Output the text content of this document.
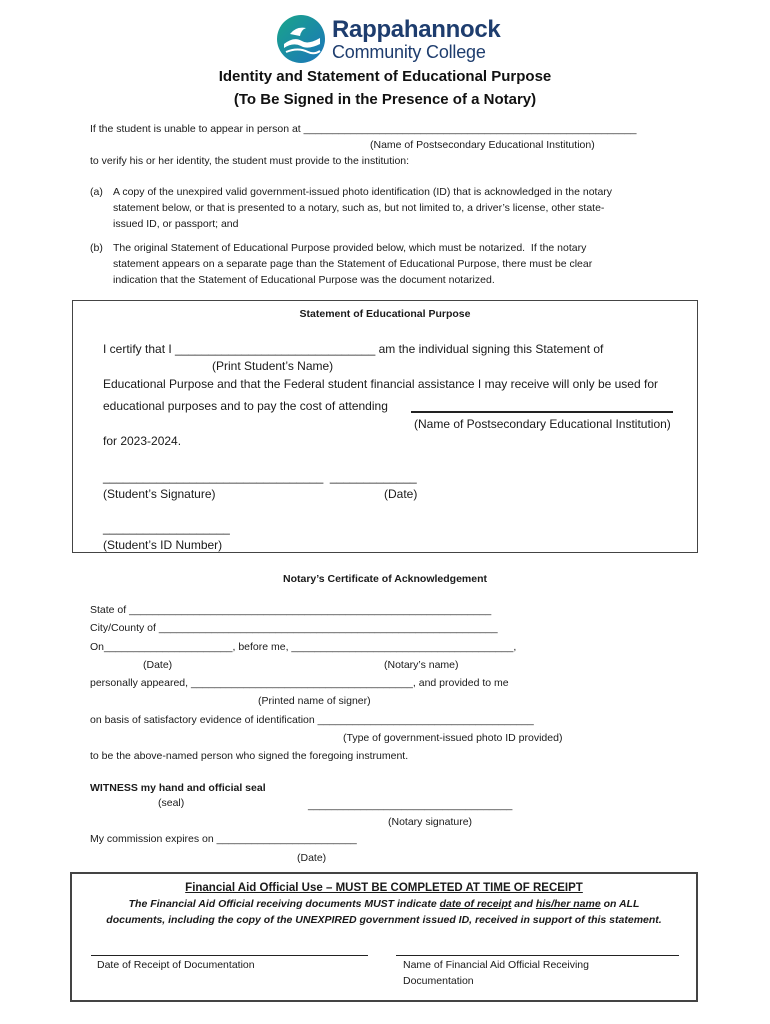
Rappahannock
Community College
Identity and Statement of Educational Purpose
(To Be Signed in the Presence of a Notary)
If the student is unable to appear in person at _________________________________________________________
(Name of Postsecondary Educational Institution)
to verify his or her identity, the student must provide to the institution:
(a) A copy of the unexpired valid government-issued photo identification (ID) that is acknowledged in the notary
statement below, or that is presented to a notary, such as, but not limited to, a driver’s license, other state-
issued ID, or passport; and
(b) The original Statement of Educational Purpose provided below, which must be notarized.  If the notary
statement appears on a separate page than the Statement of Educational Purpose, there must be clear
indication that the Statement of Educational Purpose was the document notarized.
Statement of Educational Purpose
I certify that I ______________________________ am the individual signing this Statement of
(Print Student’s Name)
Educational Purpose and that the Federal student financial assistance I may receive will only be used for
educational purposes and to pay the cost of attending
(Name of Postsecondary Educational Institution)
for 2023-2024.
_________________________________  _____________
(Student’s Signature)	(Date)
___________________
(Student’s ID Number)
Notary’s Certificate of Acknowledgement
State of ______________________________________________________________
City/County of __________________________________________________________
On______________________, before me, ______________________________________,
(Date)	(Notary’s name)
personally appeared, ______________________________________, and provided to me
(Printed name of signer)
on basis of satisfactory evidence of identification _____________________________________
(Type of government-issued photo ID provided)
to be the above-named person who signed the foregoing instrument.
WITNESS my hand and official seal
(seal)	___________________________________
(Notary signature)
My commission expires on ________________________
(Date)
Financial Aid Official Use – MUST BE COMPLETED AT TIME OF RECEIPT
The Financial Aid Official receiving documents MUST indicate date of receipt and his/her name on ALL
documents, including the copy of the UNEXPIRED government issued ID, received in support of this statement.
Date of Receipt of Documentation	Name of Financial Aid Official Receiving
Documentation
